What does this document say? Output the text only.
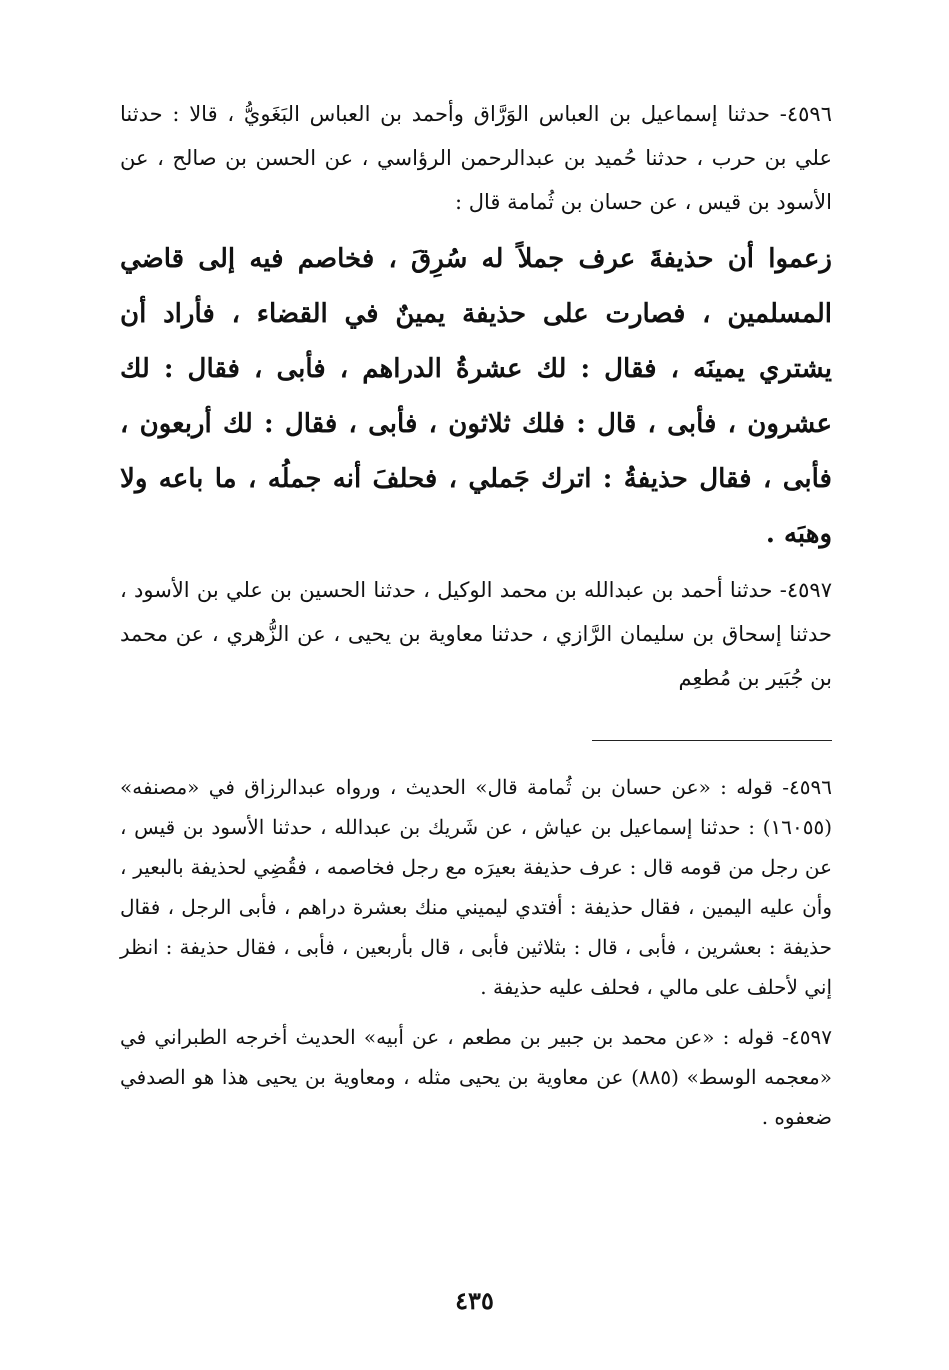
٤٥٩٦- حدثنا إسماعيل بن العباس الوَرَّاق وأحمد بن العباس البَغَويُّ ، قالا : حدثنا علي بن حرب ، حدثنا حُميد بن عبدالرحمن الرؤاسي ، عن الحسن بن صالح ، عن الأسود بن قيس ، عن حسان بن ثُمامة قال :

زعموا أن حذيفةَ عرف جملاً له سُرِقَ ، فخاصم فيه إلى قاضي المسلمين ، فصارت على حذيفة يمينٌ في القضاء ، فأراد أن يشتري يمينَه ، فقال : لك عشرةُ الدراهم ، فأبى ، فقال : لك عشرون ، فأبى ، قال : فلك ثلاثون ، فأبى ، فقال : لك أربعون ، فأبى ، فقال حذيفةُ : اترك جَملي ، فحلفَ أنه جملُه ، ما باعه ولا وهبَه .

٤٥٩٧- حدثنا أحمد بن عبدالله بن محمد الوكيل ، حدثنا الحسين بن علي بن الأسود ، حدثنا إسحاق بن سليمان الرَّازي ، حدثنا معاوية بن يحيى ، عن الزُّهري ، عن محمد بن جُبَير بن مُطعِم

٤٥٩٦- قوله : «عن حسان بن ثُمامة قال» الحديث ، ورواه عبدالرزاق في «مصنفه» (١٦٠٥٥) : حدثنا إسماعيل بن عياش ، عن شَريك بن عبدالله ، حدثنا الأسود بن قيس ، عن رجل من قومه قال : عرف حذيفة بعيرَه مع رجل فخاصمه ، فقُضِي لحذيفة بالبعير ، وأن عليه اليمين ، فقال حذيفة : أفتدي ليميني منك بعشرة دراهم ، فأبى الرجل ، فقال حذيفة : بعشرين ، فأبى ، قال : بثلاثين فأبى ، قال بأربعين ، فأبى ، فقال حذيفة : انظر إني لأحلف على مالي ، فحلف عليه حذيفة .

٤٥٩٧- قوله : «عن محمد بن جبير بن مطعم ، عن أبيه» الحديث أخرجه الطبراني في «معجمه الوسط» (٨٨٥) عن معاوية بن يحيى مثله ، ومعاوية بن يحيى هذا هو الصدفي ضعفوه .

٤٣٥
